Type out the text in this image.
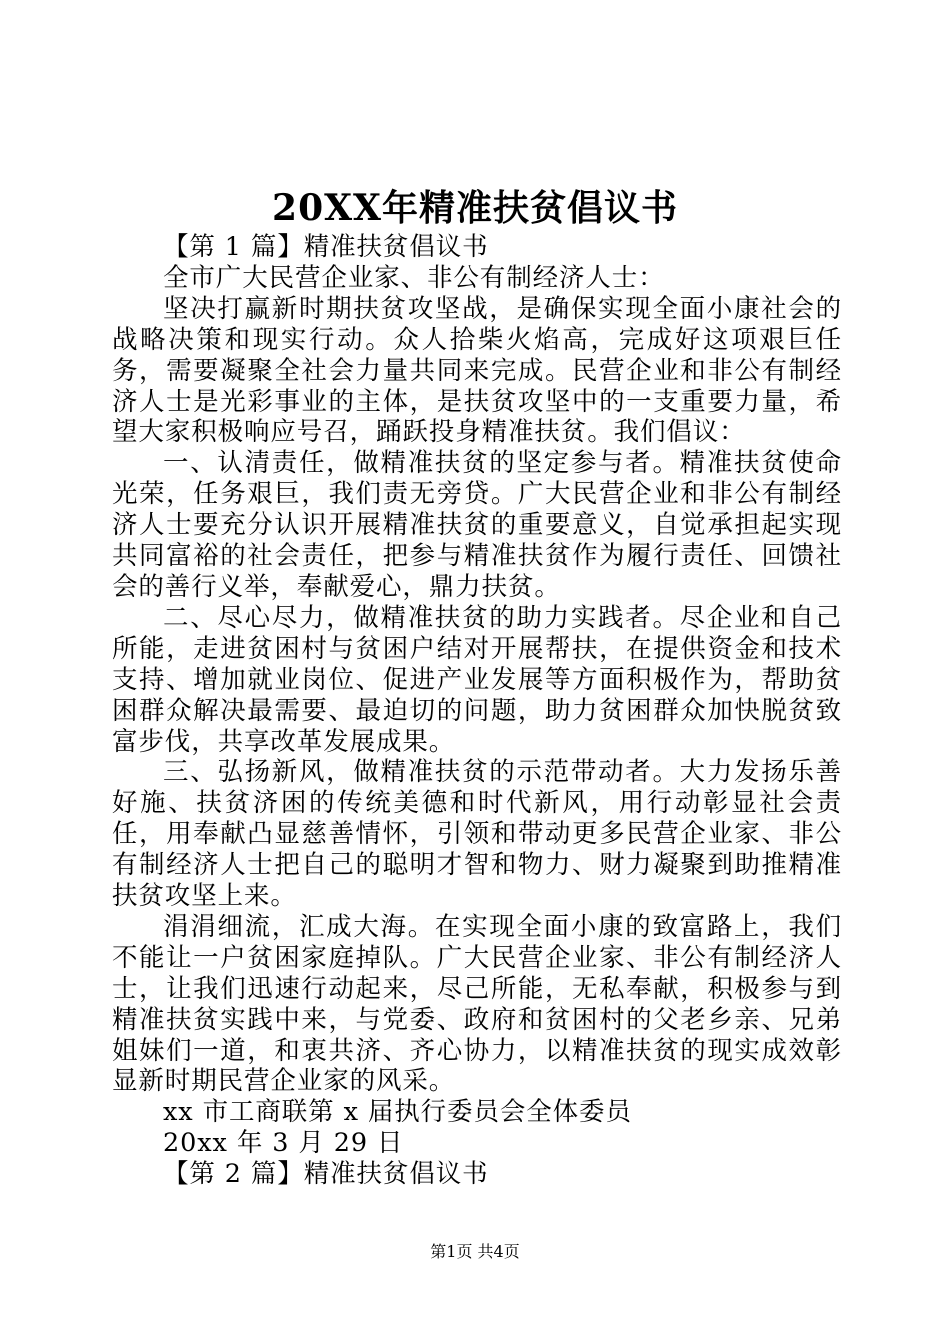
20XX年精准扶贫倡议书

【第 1 篇】精准扶贫倡议书

全市广大民营企业家、非公有制经济人士：

坚决打赢新时期扶贫攻坚战，是确保实现全面小康社会的战略决策和现实行动。众人拾柴火焰高，完成好这项艰巨任务，需要凝聚全社会力量共同来完成。民营企业和非公有制经济人士是光彩事业的主体，是扶贫攻坚中的一支重要力量，希望大家积极响应号召，踊跃投身精准扶贫。我们倡议：

一、认清责任，做精准扶贫的坚定参与者。精准扶贫使命光荣，任务艰巨，我们责无旁贷。广大民营企业和非公有制经济人士要充分认识开展精准扶贫的重要意义，自觉承担起实现共同富裕的社会责任，把参与精准扶贫作为履行责任、回馈社会的善行义举，奉献爱心，鼎力扶贫。

二、尽心尽力，做精准扶贫的助力实践者。尽企业和自己所能，走进贫困村与贫困户结对开展帮扶，在提供资金和技术支持、增加就业岗位、促进产业发展等方面积极作为，帮助贫困群众解决最需要、最迫切的问题，助力贫困群众加快脱贫致富步伐，共享改革发展成果。

三、弘扬新风，做精准扶贫的示范带动者。大力发扬乐善好施、扶贫济困的传统美德和时代新风，用行动彰显社会责任，用奉献凸显慈善情怀，引领和带动更多民营企业家、非公有制经济人士把自己的聪明才智和物力、财力凝聚到助推精准扶贫攻坚上来。

涓涓细流，汇成大海。在实现全面小康的致富路上，我们不能让一户贫困家庭掉队。广大民营企业家、非公有制经济人士，让我们迅速行动起来，尽己所能，无私奉献，积极参与到精准扶贫实践中来，与党委、政府和贫困村的父老乡亲、兄弟姐妹们一道，和衷共济、齐心协力，以精准扶贫的现实成效彰显新时期民营企业家的风采。

xx 市工商联第 x 届执行委员会全体委员

20xx 年 3 月 29 日

【第 2 篇】精准扶贫倡议书

第1页 共4页
